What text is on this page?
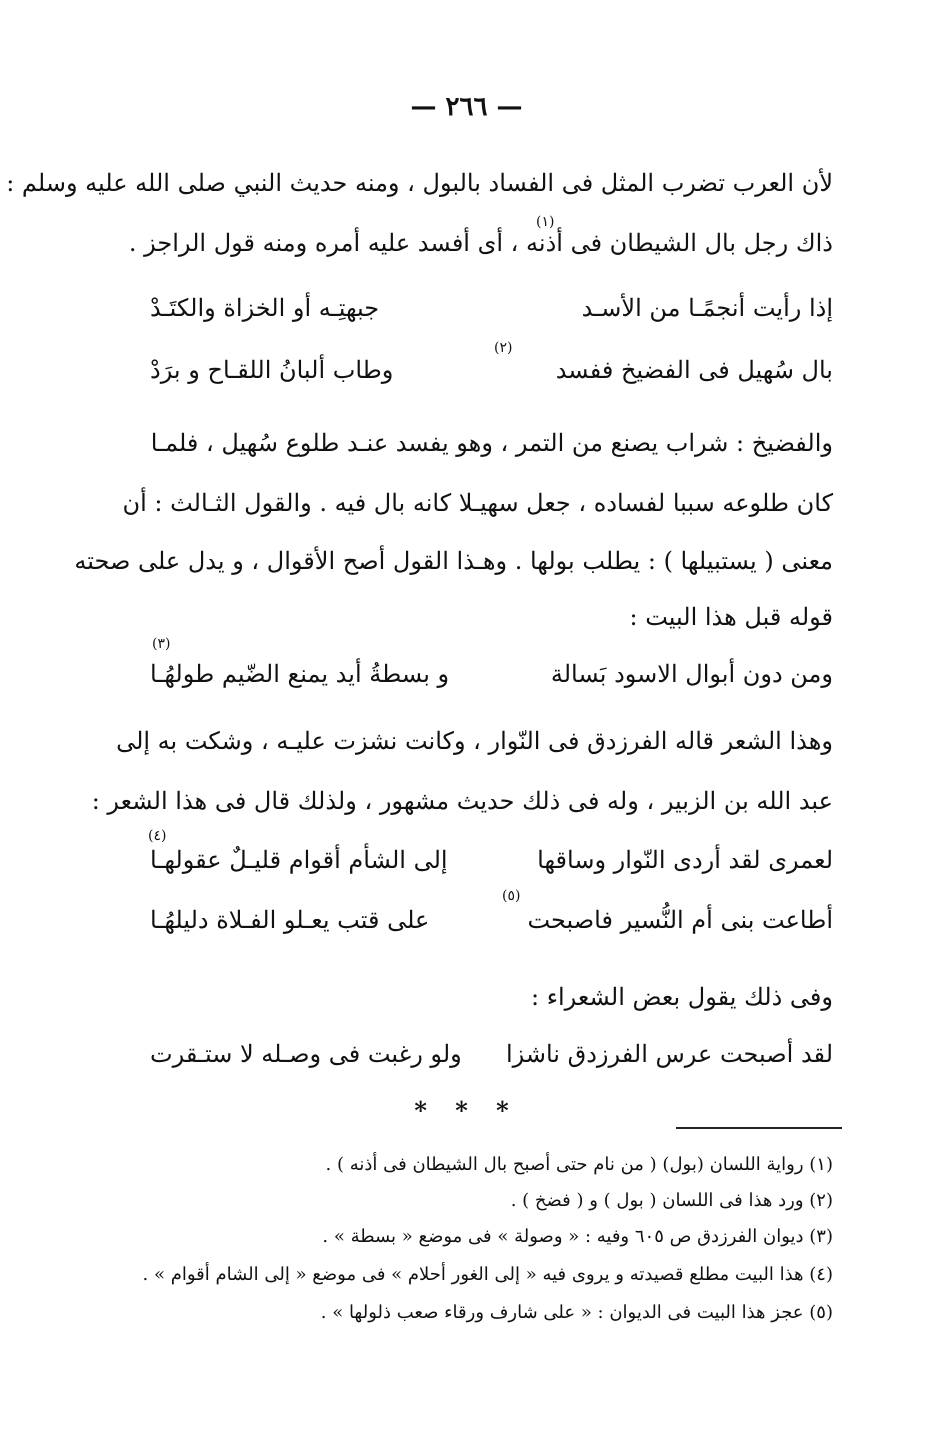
— ٢٦٦ —
لأن العرب تضرب المثل فى الفساد بالبول ، ومنه حديث النبي صلى الله عليه وسلم :
ذاك رجل بال الشيطان فى أذنه ، أى أفسد عليه أمره ومنه قول الراجز .
(١)
إذا رأيت أنجمًـا من الأسـد
جبهتِـه أو الخزاة والكتَـدْ
(٢)
بال سُهيل فى الفضيخ ففسد
وطاب ألبانُ اللقـاح و برَدْ
والفضيخ : شراب يصنع من التمر ، وهو يفسد عنـد طلوع سُهيل ، فلمـا
كان طلوعه سببا لفساده ، جعل سهيـلا كانه بال فيه . والقول الثـالث : أن
معنى ( يستبيلها ) : يطلب بولها . وهـذا القول أصح الأقوال ، و يدل على صحته
قوله قبل هذا البيت :
(٣)
ومن دون أبوال الاسود بَسالة
و بسطةُ أيد يمنع الضّيم طولهُـا
وهذا الشعر قاله الفرزدق فى النّوار ، وكانت نشزت عليـه ، وشكت به إلى
عبد الله بن الزبير ، وله فى ذلك حديث مشهور ، ولذلك قال فى هذا الشعر :
(٤)
لعمرى لقد أردى النّوار وساقها
إلى الشأم أقوام قليـلٌ عقولهـا
(٥)
أطاعت بنى أم النُّسير فاصبحت
على قتب يعـلو الفـلاة دليلهُـا
وفى ذلك يقول بعض الشعراء :
لقد أصبحت عرس الفرزدق ناشزا
ولو رغبت فى وصـله لا ستـقرت
* * *
(١) رواية اللسان (بول) ( من نام حتى أصبح بال الشيطان فى أذنه ) .
(٢) ورد هذا فى اللسان ( بول ) و ( فضخ ) .
(٣) ديوان الفرزدق ص ٦٠٥ وفيه : « وصولة » فى موضع « بسطة » .
(٤) هذا البيت مطلع قصيدته و يروى فيه « إلى الغور أحلام » فى موضع « إلى الشام أقوام » .
(٥) عجز هذا البيت فى الديوان : « على شارف ورقاء صعب ذلولها » .
